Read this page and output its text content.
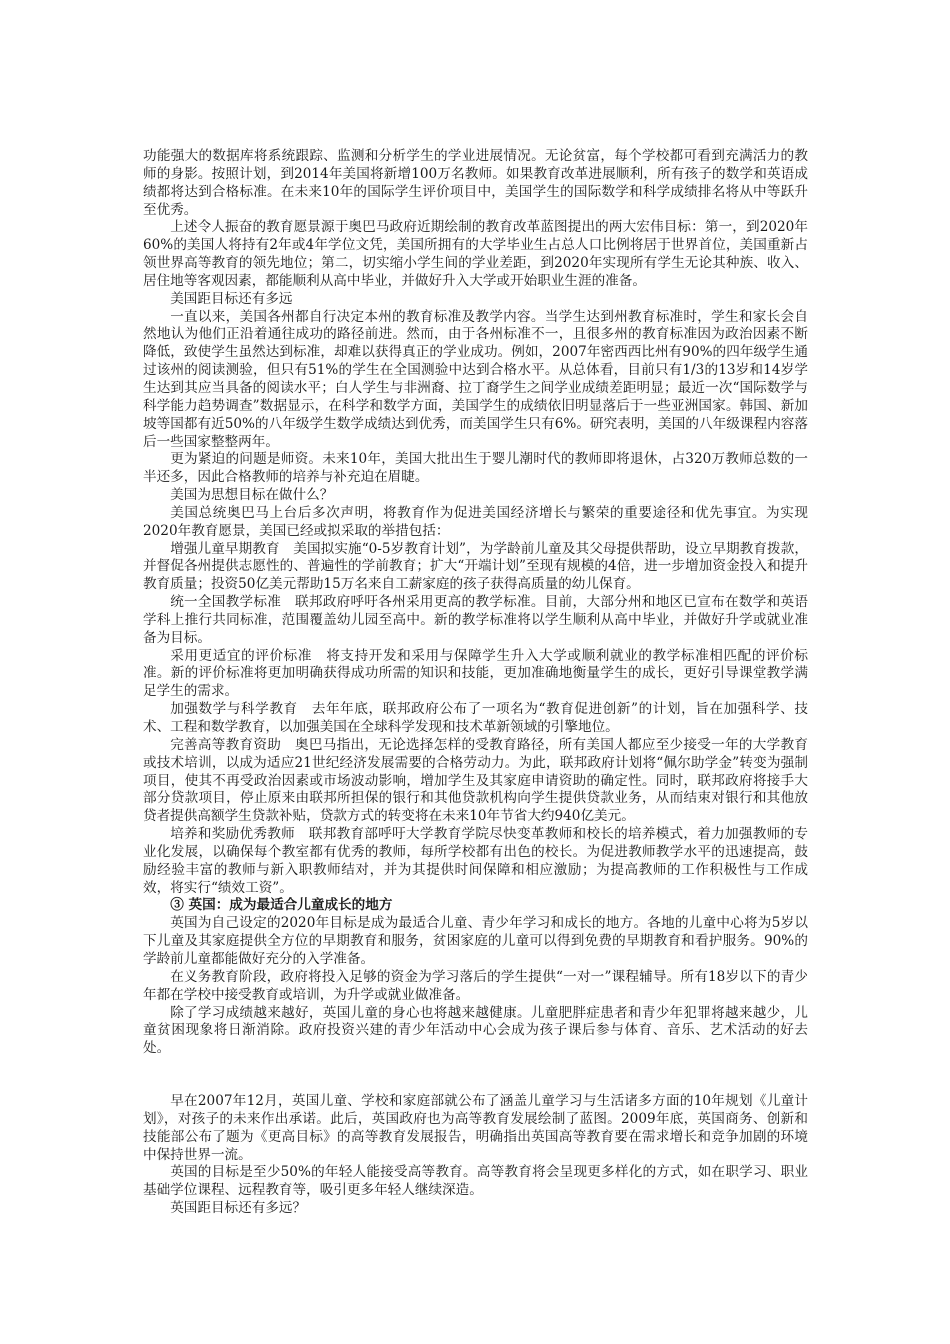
功能强大的数据库将系统跟踪、监测和分析学生的学业进展情况。无论贫富，每个学校都可看到充满活力的教师的身影。按照计划，到2014年美国将新增100万名教师。如果教育改革进展顺利，所有孩子的数学和英语成绩都将达到合格标准。在未来10年的国际学生评价项目中，美国学生的国际数学和科学成绩排名将从中等跃升至优秀。

上述令人振奋的教育愿景源于奥巴马政府近期绘制的教育改革蓝图提出的两大宏伟目标：第一，到2020年60%的美国人将持有2年或4年学位文凭，美国所拥有的大学毕业生占总人口比例将居于世界首位，美国重新占领世界高等教育的领先地位；第二，切实缩小学生间的学业差距，到2020年实现所有学生无论其种族、收入、居住地等客观因素，都能顺利从高中毕业，并做好升入大学或开始职业生涯的准备。

美国距目标还有多远

一直以来，美国各州都自行决定本州的教育标准及教学内容。当学生达到州教育标准时，学生和家长会自然地认为他们正沿着通往成功的路径前进。然而，由于各州标准不一，且很多州的教育标准因为政治因素不断降低，致使学生虽然达到标准，却难以获得真正的学业成功。例如，2007年密西西比州有90%的四年级学生通过该州的阅读测验，但只有51%的学生在全国测验中达到合格水平。从总体看，目前只有1/3的13岁和14岁学生达到其应当具备的阅读水平；白人学生与非洲裔、拉丁裔学生之间学业成绩差距明显；最近一次“国际数学与科学能力趋势调查”数据显示，在科学和数学方面，美国学生的成绩依旧明显落后于一些亚洲国家。韩国、新加坡等国都有近50%的八年级学生数学成绩达到优秀，而美国学生只有6%。研究表明，美国的八年级课程内容落后一些国家整整两年。

更为紧迫的问题是师资。未来10年，美国大批出生于婴儿潮时代的教师即将退休，占320万教师总数的一半还多，因此合格教师的培养与补充迫在眉睫。

美国为思想目标在做什么？

美国总统奥巴马上台后多次声明，将教育作为促进美国经济增长与繁荣的重要途径和优先事宜。为实现2020年教育愿景，美国已经或拟采取的举措包括：

增强儿童早期教育　美国拟实施“0-5岁教育计划”，为学龄前儿童及其父母提供帮助，设立早期教育拨款，并督促各州提供志愿性的、普遍性的学前教育；扩大“开端计划”至现有规模的4倍，进一步增加资金投入和提升教育质量；投资50亿美元帮助15万名来自工薪家庭的孩子获得高质量的幼儿保育。

统一全国教学标准　联邦政府呼吁各州采用更高的教学标准。目前，大部分州和地区已宣布在数学和英语学科上推行共同标准，范围覆盖幼儿园至高中。新的教学标准将以学生顺利从高中毕业，并做好升学或就业准备为目标。

采用更适宜的评价标准　将支持开发和采用与保障学生升入大学或顺利就业的教学标准相匹配的评价标准。新的评价标准将更加明确获得成功所需的知识和技能，更加准确地衡量学生的成长，更好引导课堂教学满足学生的需求。

加强数学与科学教育　去年年底，联邦政府公布了一项名为“教育促进创新”的计划，旨在加强科学、技术、工程和数学教育，以加强美国在全球科学发现和技术革新领域的引擎地位。

完善高等教育资助　奥巴马指出，无论选择怎样的受教育路径，所有美国人都应至少接受一年的大学教育或技术培训，以成为适应21世纪经济发展需要的合格劳动力。为此，联邦政府计划将“佩尔助学金”转变为强制项目，使其不再受政治因素或市场波动影响，增加学生及其家庭申请资助的确定性。同时，联邦政府将接手大部分贷款项目，停止原来由联邦所担保的银行和其他贷款机构向学生提供贷款业务，从而结束对银行和其他放贷者提供高额学生贷款补贴，贷款方式的转变将在未来10年节省大约940亿美元。

培养和奖励优秀教师　联邦教育部呼吁大学教育学院尽快变革教师和校长的培养模式，着力加强教师的专业化发展，以确保每个教室都有优秀的教师，每所学校都有出色的校长。为促进教师教学水平的迅速提高，鼓励经验丰富的教师与新入职教师结对，并为其提供时间保障和相应激励；为提高教师的工作积极性与工作成效，将实行“绩效工资”。

③ 英国：成为最适合儿童成长的地方

英国为自己设定的2020年目标是成为最适合儿童、青少年学习和成长的地方。各地的儿童中心将为5岁以下儿童及其家庭提供全方位的早期教育和服务，贫困家庭的儿童可以得到免费的早期教育和看护服务。90%的学龄前儿童都能做好充分的入学准备。

在义务教育阶段，政府将投入足够的资金为学习落后的学生提供“一对一”课程辅导。所有18岁以下的青少年都在学校中接受教育或培训，为升学或就业做准备。

除了学习成绩越来越好，英国儿童的身心也将越来越健康。儿童肥胖症患者和青少年犯罪将越来越少，儿童贫困现象将日渐消除。政府投资兴建的青少年活动中心会成为孩子课后参与体育、音乐、艺术活动的好去处。

早在2007年12月，英国儿童、学校和家庭部就公布了涵盖儿童学习与生活诸多方面的10年规划《儿童计划》，对孩子的未来作出承诺。此后，英国政府也为高等教育发展绘制了蓝图。2009年底，英国商务、创新和技能部公布了题为《更高目标》的高等教育发展报告，明确指出英国高等教育要在需求增长和竞争加剧的环境中保持世界一流。

英国的目标是至少50%的年轻人能接受高等教育。高等教育将会呈现更多样化的方式，如在职学习、职业基础学位课程、远程教育等，吸引更多年轻人继续深造。

英国距目标还有多远？
